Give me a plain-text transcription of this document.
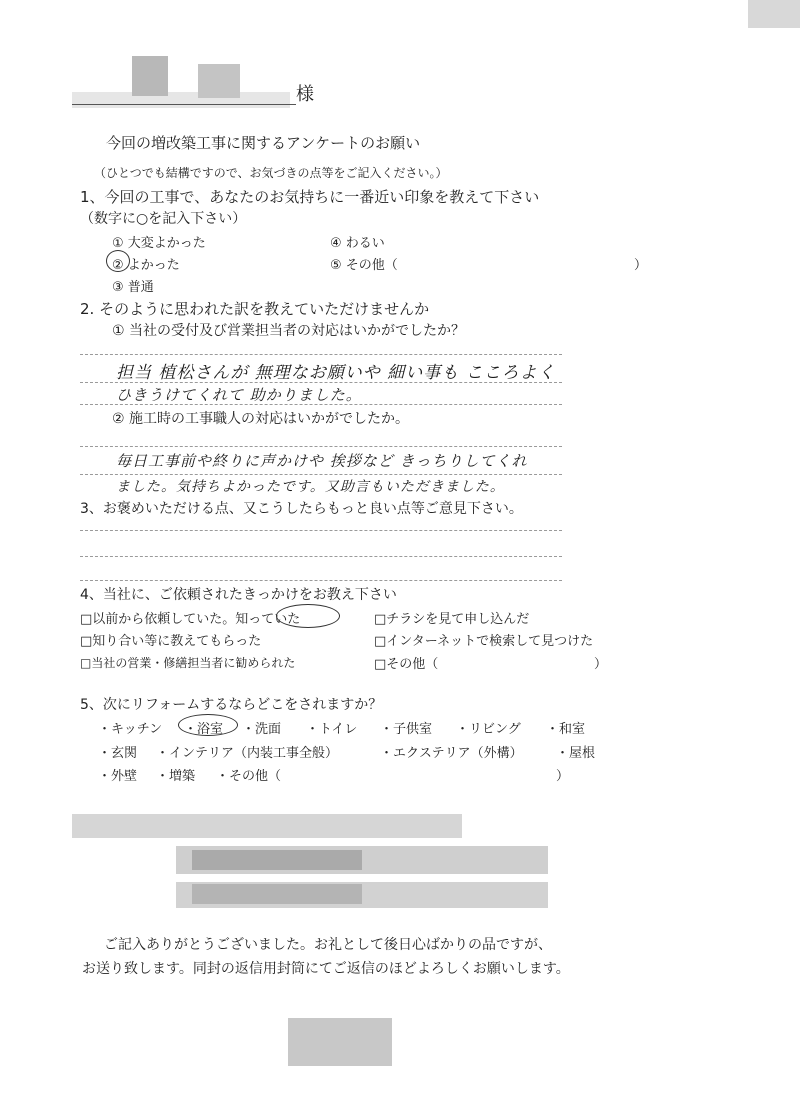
様
今回の増改築工事に関するアンケートのお願い
（ひとつでも結構ですので、お気づきの点等をご記入ください。）
1、今回の工事で、あなたのお気持ちに一番近い印象を教えて下さい
（数字に○を記入下さい）
① 大変よかった
② よかった
③ 普通
④ わるい
⑤ その他（	）
2. そのように思われた訳を教えていただけませんか
① 当社の受付及び営業担当者の対応はいかがでしたか？
担当 植松さんが 無理なお願いや 細い事も こころよく
ひきうけてくれて 助かりました。
② 施工時の工事職人の対応はいかがでしたか。
毎日工事前や終りに声かけや 挨拶など きっちりしてくれ
ました。気持ちよかったです。又助言もいただきました。
3、お褒めいただける点、又こうしたらもっと良い点等ご意見下さい。
4、当社に、ご依頼されたきっかけをお教え下さい
□以前から依頼していた。知っていた	□チラシを見て申し込んだ
□知り合い等に教えてもらった	□インターネットで検索して見つけた
□当社の営業・修繕担当者に勧められた	□その他（	）
5、次にリフォームするならどこをされますか？
・キッチン ・浴室 ・洗面 ・トイレ ・子供室 ・リビング ・和室
・玄関 ・インテリア（内装工事全般）	・エクステリア（外構）	・屋根
・外壁 ・増築 ・その他（	）
ご記入ありがとうございました。お礼として後日心ばかりの品ですが、
お送り致します。同封の返信用封筒にてご返信のほどよろしくお願いします。
